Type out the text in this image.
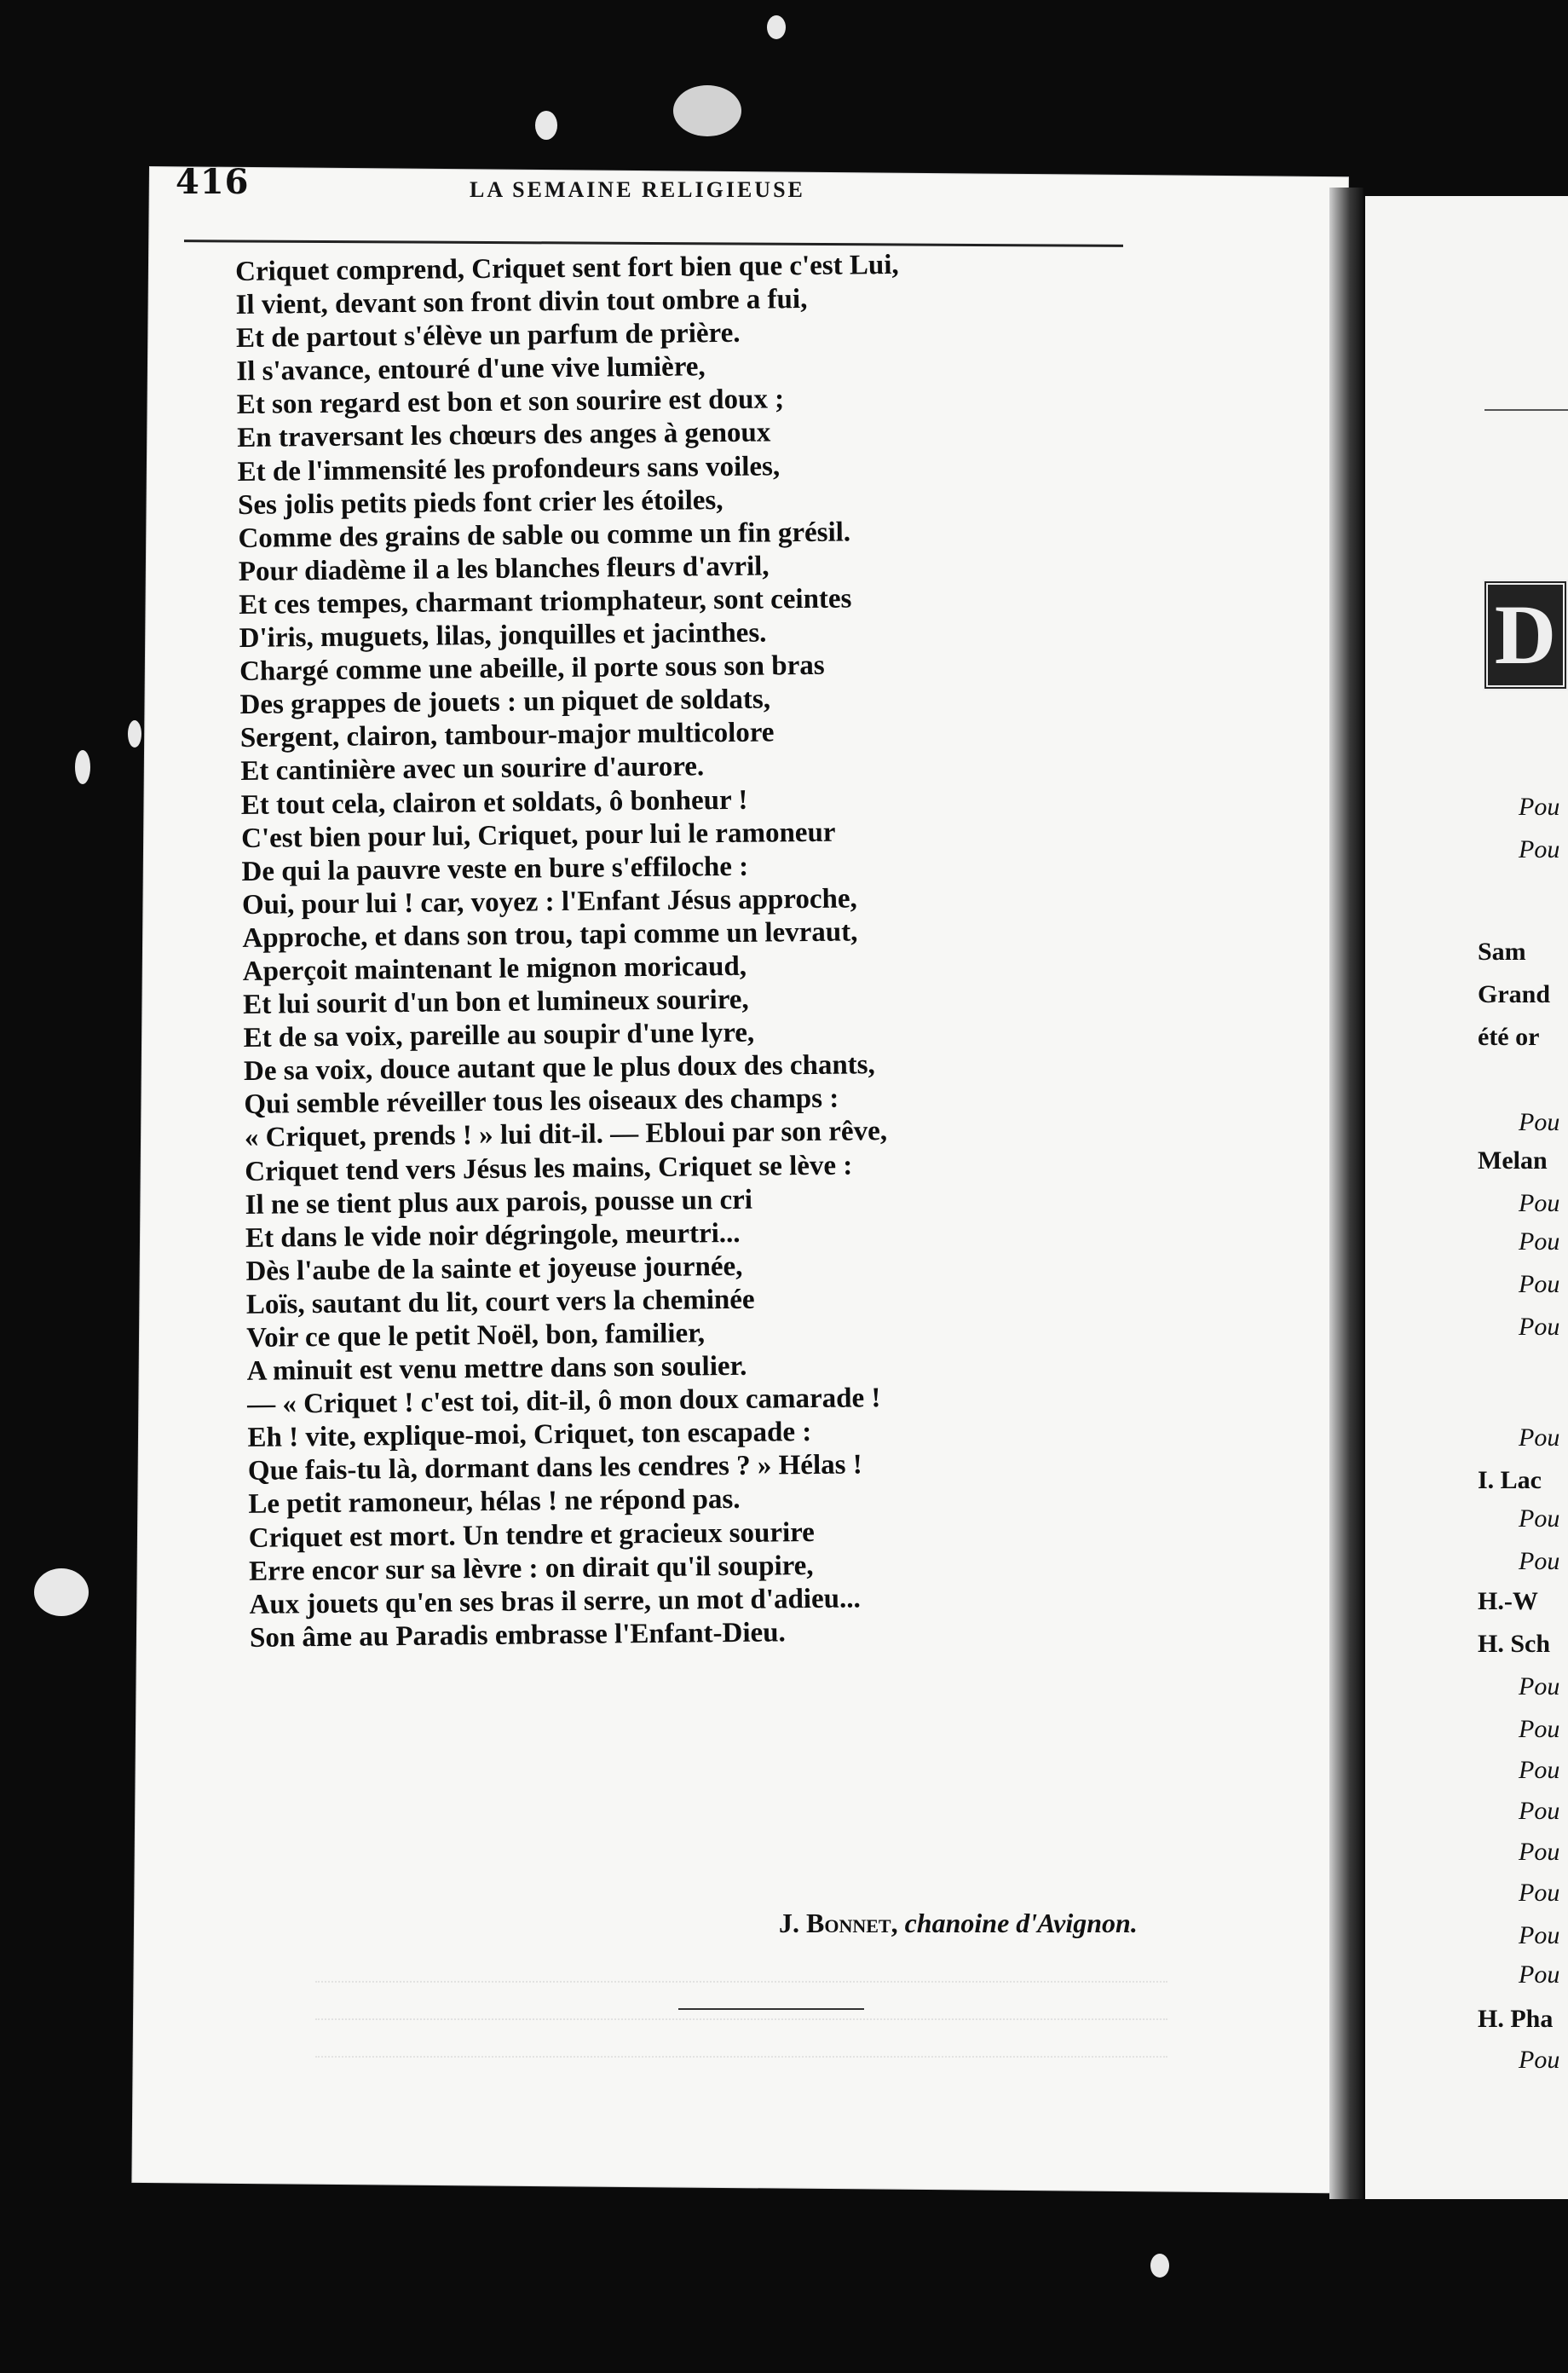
416	LA SEMAINE RELIGIEUSE
Criquet comprend, Criquet sent fort bien que c'est Lui,
Il vient, devant son front divin tout ombre a fui,
Et de partout s'élève un parfum de prière.
Il s'avance, entouré d'une vive lumière,
Et son regard est bon et son sourire est doux ;
En traversant les chœurs des anges à genoux
Et de l'immensité les profondeurs sans voiles,
Ses jolis petits pieds font crier les étoiles,
Comme des grains de sable ou comme un fin grésil.
Pour diadème il a les blanches fleurs d'avril,
Et ces tempes, charmant triomphateur, sont ceintes
D'iris, muguets, lilas, jonquilles et jacinthes.
Chargé comme une abeille, il porte sous son bras
Des grappes de jouets : un piquet de soldats,
Sergent, clairon, tambour-major multicolore
Et cantinière avec un sourire d'aurore.
Et tout cela, clairon et soldats, ô bonheur !
C'est bien pour lui, Criquet, pour lui le ramoneur
De qui la pauvre veste en bure s'effiloche :
Oui, pour lui ! car, voyez : l'Enfant Jésus approche,
Approche, et dans son trou, tapi comme un levraut,
Aperçoit maintenant le mignon moricaud,
Et lui sourit d'un bon et lumineux sourire,
Et de sa voix, pareille au soupir d'une lyre,
De sa voix, douce autant que le plus doux des chants,
Qui semble réveiller tous les oiseaux des champs :
« Criquet, prends ! » lui dit-il. — Ebloui par son rêve,
Criquet tend vers Jésus les mains, Criquet se lève :
Il ne se tient plus aux parois, pousse un cri
Et dans le vide noir dégringole, meurtri...
Dès l'aube de la sainte et joyeuse journée,
Loïs, sautant du lit, court vers la cheminée
Voir ce que le petit Noël, bon, familier,
A minuit est venu mettre dans son soulier.
— « Criquet ! c'est toi, dit-il, ô mon doux camarade !
Eh ! vite, explique-moi, Criquet, ton escapade :
Que fais-tu là, dormant dans les cendres ? » Hélas !
Le petit ramoneur, hélas ! ne répond pas.
Criquet est mort. Un tendre et gracieux sourire
Erre encor sur sa lèvre : on dirait qu'il soupire,
Aux jouets qu'en ses bras il serre, un mot d'adieu...
Son âme au Paradis embrasse l'Enfant-Dieu.
J. Bonnet, chanoine d'Avignon.
D
Pou
Pou
Sam
Grand
été or
Pou
Melan
Pou
Pou
Pou
Pou
Pou
I. Lac
Pou
Pou
H.-W
H. Sch
Pou
Pou
Pou
Pou
Pou
Pou
Pou
Pou
H. Pha
Pou
